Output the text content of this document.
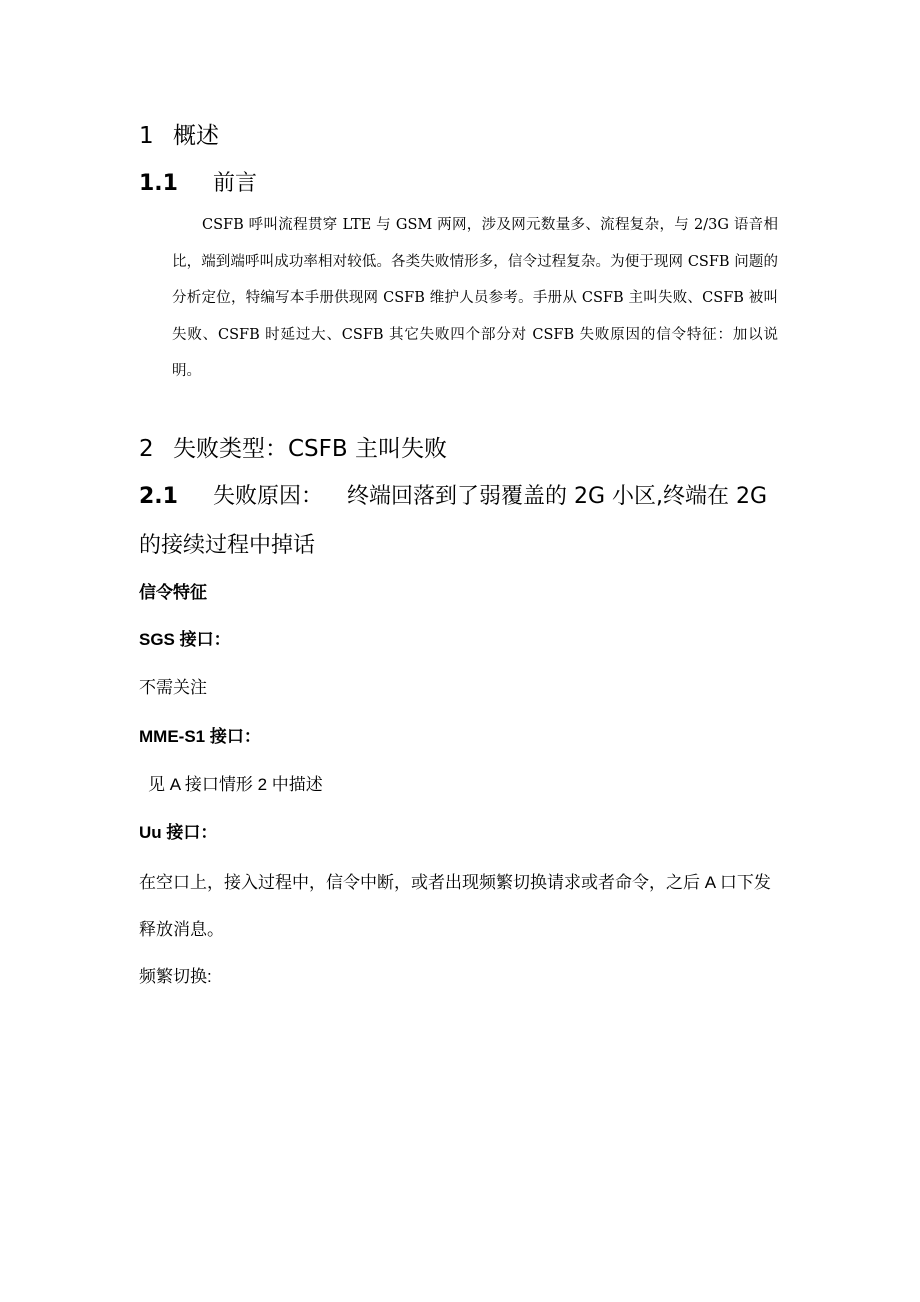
1 概述
1.1 前言
CSFB 呼叫流程贯穿 LTE 与 GSM 两网，涉及网元数量多、流程复杂，与 2/3G 语音相比，端到端呼叫成功率相对较低。各类失败情形多，信令过程复杂。为便于现网 CSFB 问题的分析定位，特编写本手册供现网 CSFB 维护人员参考。手册从 CSFB 主叫失败、CSFB 被叫失败、CSFB 时延过大、CSFB 其它失败四个部分对 CSFB 失败原因的信令特征：加以说明。
2 失败类型：CSFB 主叫失败
2.1 失败原因： 终端回落到了弱覆盖的 2G 小区,终端在 2G
的接续过程中掉话
信令特征
SGS 接口：
不需关注
MME-S1 接口：
见 A 接口情形 2 中描述
Uu 接口：
在空口上，接入过程中，信令中断，或者出现频繁切换请求或者命令，之后 A 口下发释放消息。
频繁切换:
